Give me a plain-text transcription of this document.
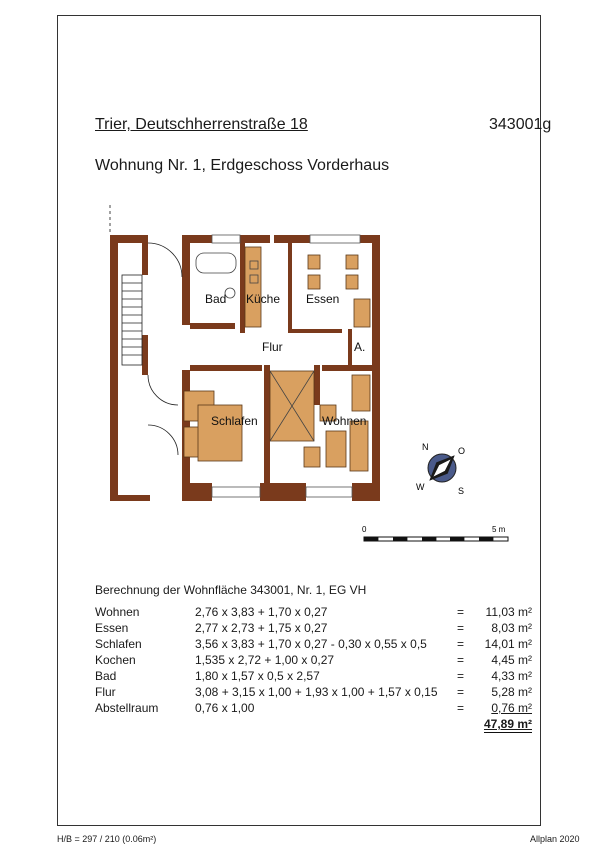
Trier, Deutschherrenstraße 18	343001g
Wohnung Nr. 1, Erdgeschoss Vorderhaus
Bad Küche Essen
Flur	A.
Schlafen	Wohnen
N	O
S
W
0	5 m
Berechnung der Wohnfläche 343001, Nr. 1, EG VH
Wohnen	2,76 x 3,83 + 1,70 x 0,27	= 11,03 m²
Essen	2,77 x 2,73 + 1,75 x 0,27	= 8,03 m²
Schlafen	3,56 x 3,83 + 1,70 x 0,27 - 0,30 x 0,55 x 0,5	= 14,01 m²
Kochen	1,535 x 2,72 + 1,00 x 0,27	= 4,45 m²
Bad	1,80 x 1,57 x 0,5 x 2,57	= 4,33 m²
Flur	3,08 + 3,15 x 1,00 + 1,93 x 1,00 + 1,57 x 0,15 = 5,28 m²
Abstellraum	0,76 x 1,00	= 0,76 m²
47,89 m²
H/B = 297 / 210 (0.06m²)	Allplan 2020
